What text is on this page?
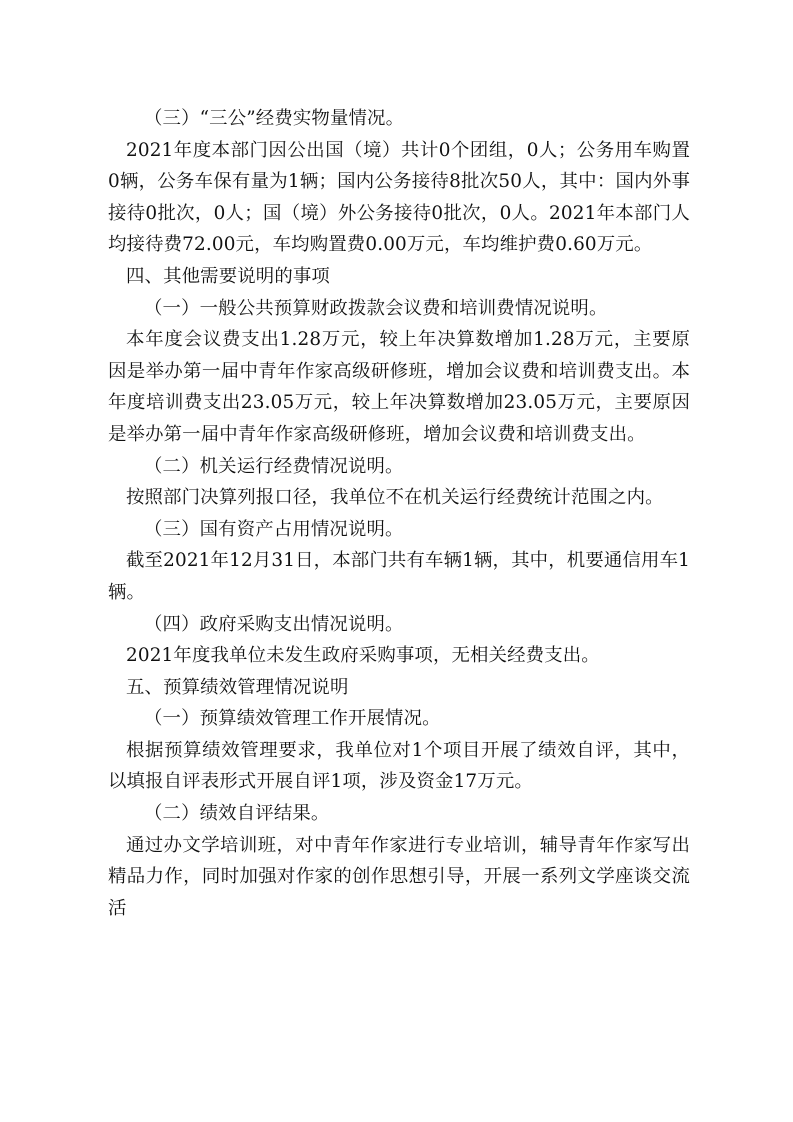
（三）“三公”经费实物量情况。

2021年度本部门因公出国（境）共计0个团组，0人；公务用车购置0辆，公务车保有量为1辆；国内公务接待8批次50人，其中：国内外事接待0批次，0人；国（境）外公务接待0批次，0人。2021年本部门人均接待费72.00元，车均购置费0.00万元，车均维护费0.60万元。

四、其他需要说明的事项

（一）一般公共预算财政拨款会议费和培训费情况说明。

本年度会议费支出1.28万元，较上年决算数增加1.28万元，主要原因是举办第一届中青年作家高级研修班，增加会议费和培训费支出。本年度培训费支出23.05万元，较上年决算数增加23.05万元，主要原因是举办第一届中青年作家高级研修班，增加会议费和培训费支出。

（二）机关运行经费情况说明。

按照部门决算列报口径，我单位不在机关运行经费统计范围之内。

（三）国有资产占用情况说明。

截至2021年12月31日，本部门共有车辆1辆，其中，机要通信用车1辆。

（四）政府采购支出情况说明。

2021年度我单位未发生政府采购事项，无相关经费支出。

五、预算绩效管理情况说明

（一）预算绩效管理工作开展情况。

根据预算绩效管理要求，我单位对1个项目开展了绩效自评，其中，以填报自评表形式开展自评1项，涉及资金17万元。

（二）绩效自评结果。

通过办文学培训班，对中青年作家进行专业培训，辅导青年作家写出精品力作，同时加强对作家的创作思想引导，开展一系列文学座谈交流活
